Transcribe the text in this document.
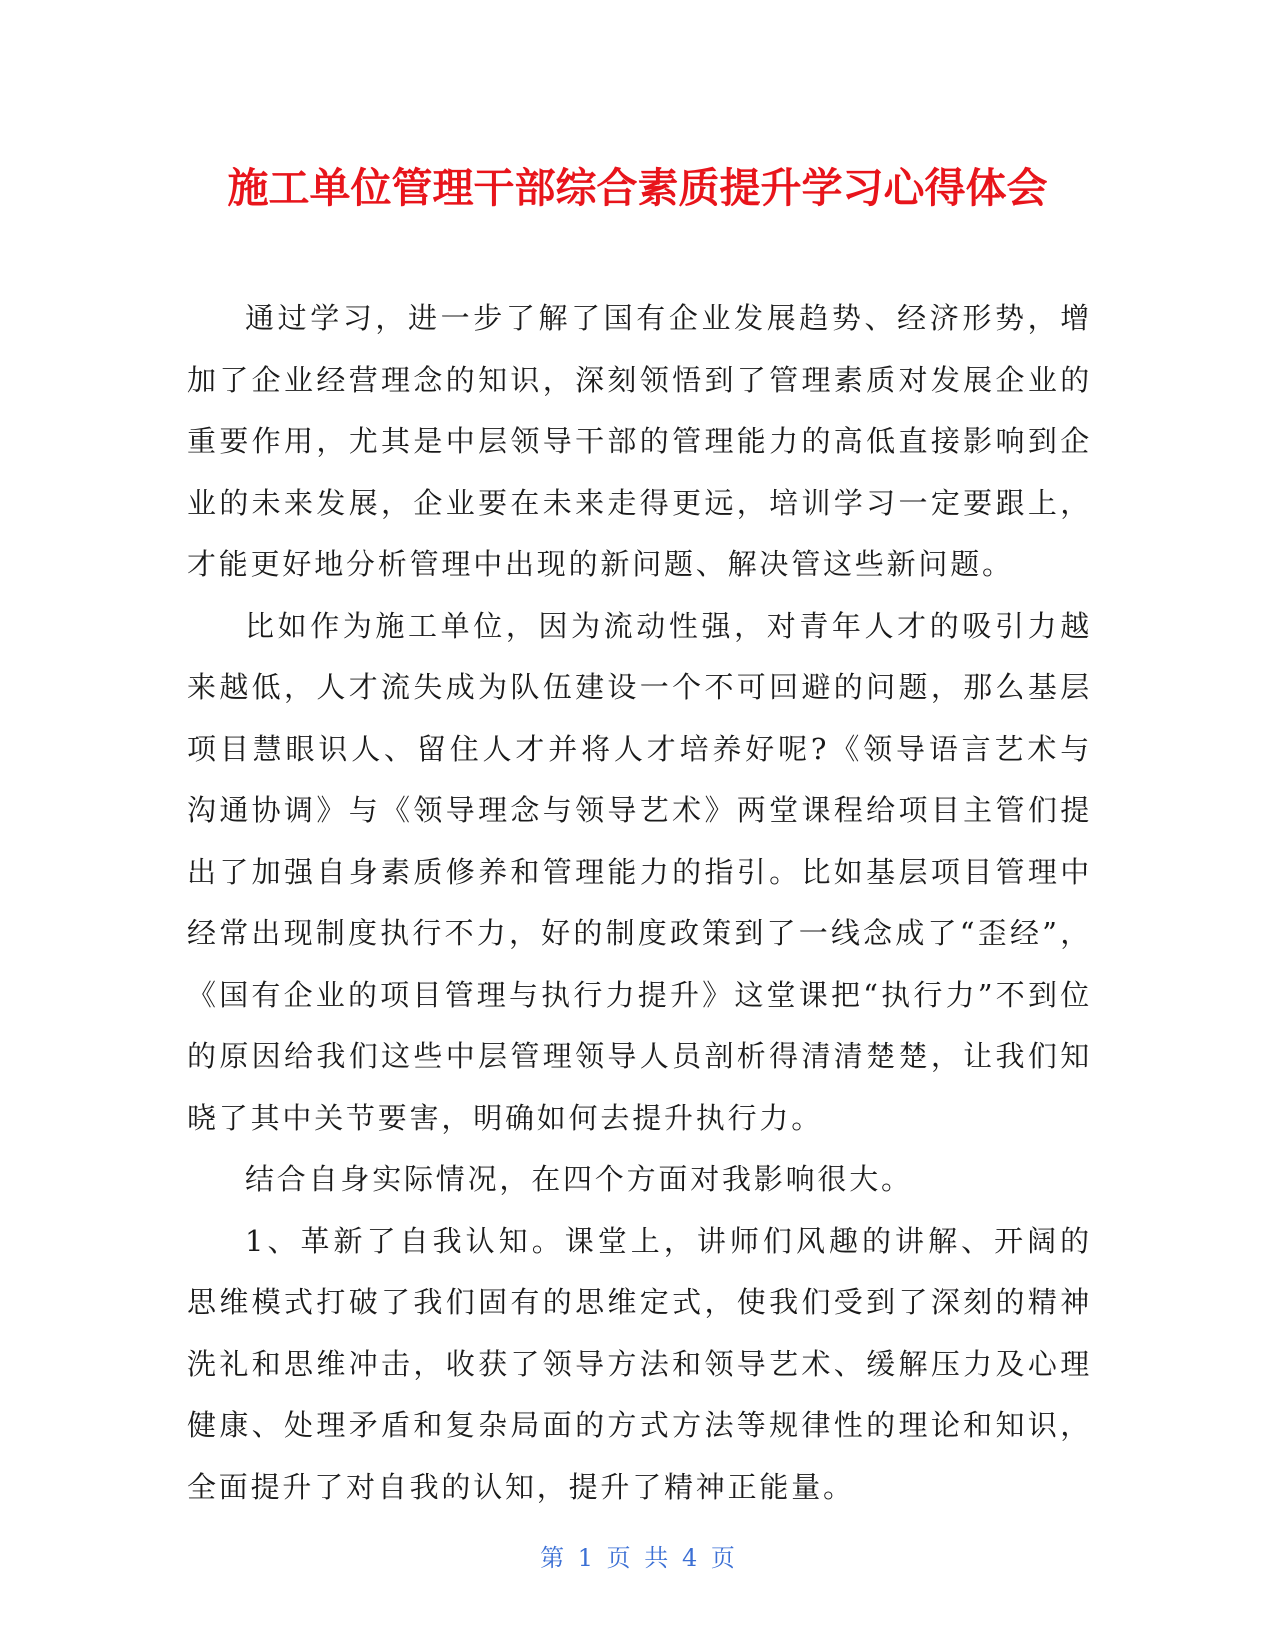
施工单位管理干部综合素质提升学习心得体会

通过学习，进一步了解了国有企业发展趋势、经济形势，增加了企业经营理念的知识，深刻领悟到了管理素质对发展企业的重要作用，尤其是中层领导干部的管理能力的高低直接影响到企业的未来发展，企业要在未来走得更远，培训学习一定要跟上，才能更好地分析管理中出现的新问题、解决管这些新问题。

比如作为施工单位，因为流动性强，对青年人才的吸引力越来越低，人才流失成为队伍建设一个不可回避的问题，那么基层项目慧眼识人、留住人才并将人才培养好呢?《领导语言艺术与沟通协调》与《领导理念与领导艺术》两堂课程给项目主管们提出了加强自身素质修养和管理能力的指引。比如基层项目管理中经常出现制度执行不力，好的制度政策到了一线念成了“歪经”，《国有企业的项目管理与执行力提升》这堂课把“执行力”不到位的原因给我们这些中层管理领导人员剖析得清清楚楚，让我们知晓了其中关节要害，明确如何去提升执行力。

结合自身实际情况，在四个方面对我影响很大。

1、革新了自我认知。课堂上，讲师们风趣的讲解、开阔的思维模式打破了我们固有的思维定式，使我们受到了深刻的精神洗礼和思维冲击，收获了领导方法和领导艺术、缓解压力及心理健康、处理矛盾和复杂局面的方式方法等规律性的理论和知识，全面提升了对自我的认知，提升了精神正能量。

第 1 页 共 4 页
